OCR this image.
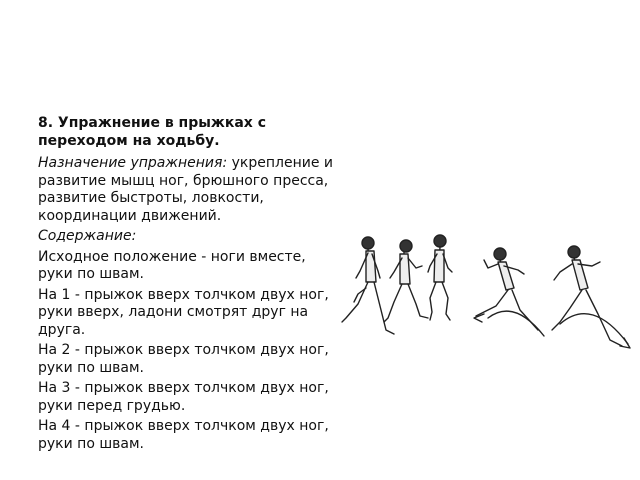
8. Упражнение в прыжках с переходом на ходьбу.

Назначение упражнения: укрепление и развитие мышц ног, брюшного пресса, развитие быстроты, ловкости, координации движений.

Содержание:

Исходное положение - ноги вместе, руки по швам.

На 1 - прыжок вверх толчком двух ног, руки вверх, ладони смотрят друг на друга.

На 2 - прыжок вверх толчком двух ног, руки по швам.

На 3 - прыжок вверх толчком двух ног, руки перед грудью.

На 4 - прыжок вверх толчком двух ног, руки по швам.
